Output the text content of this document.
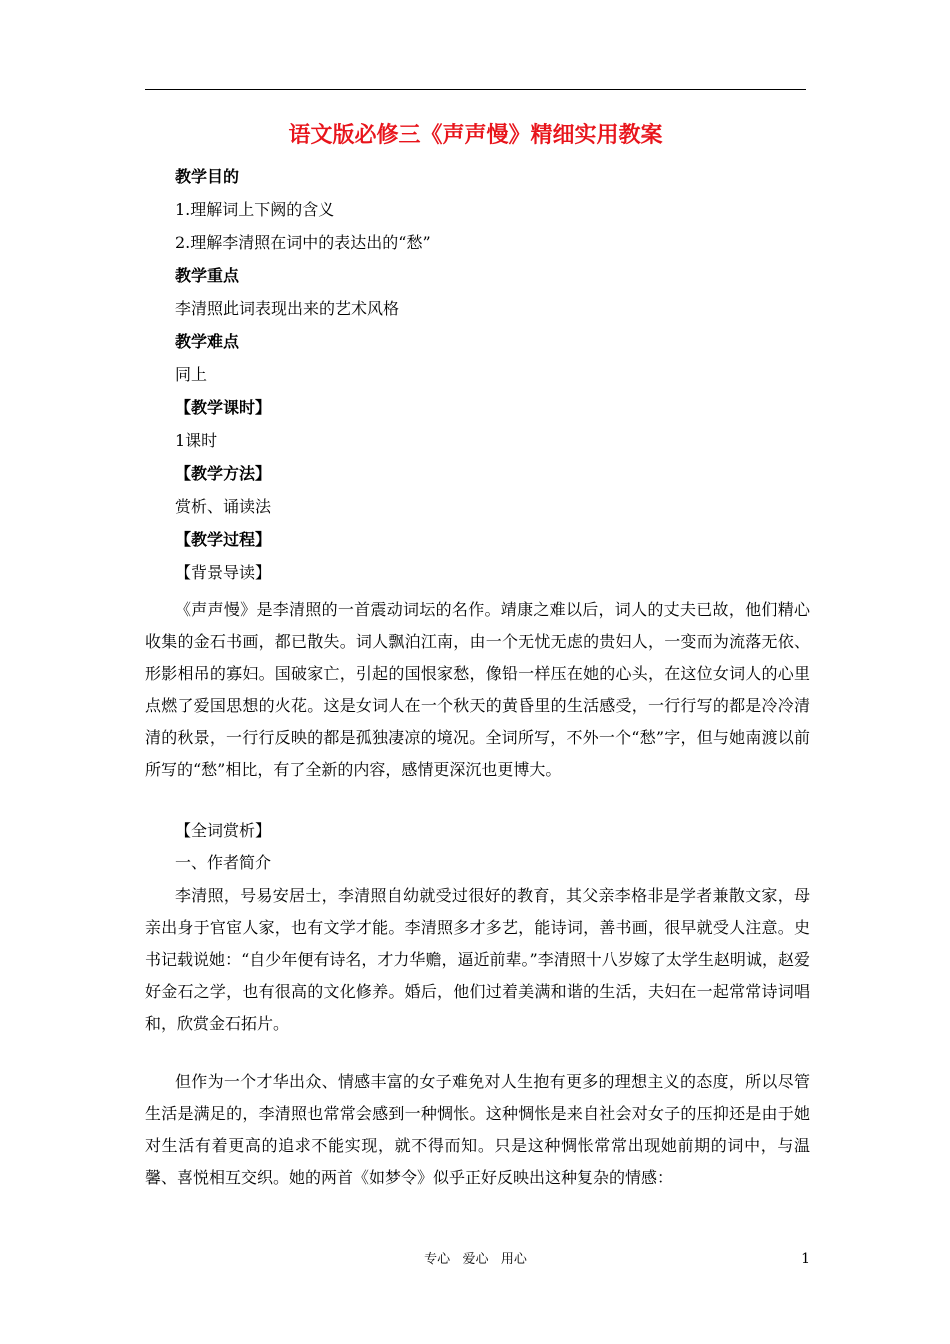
语文版必修三《声声慢》精细实用教案
教学目的
1.理解词上下阙的含义
2.理解李清照在词中的表达出的“愁”
教学重点
李清照此词表现出来的艺术风格
教学难点
同上
【教学课时】
1课时
【教学方法】
赏析、诵读法
【教学过程】
【背景导读】
《声声慢》是李清照的一首震动词坛的名作。靖康之难以后，词人的丈夫已故，他们精心收集的金石书画，都已散失。词人飘泊江南，由一个无忧无虑的贵妇人，一变而为流落无依、形影相吊的寡妇。国破家亡，引起的国恨家愁，像铅一样压在她的心头，在这位女词人的心里点燃了爱国思想的火花。这是女词人在一个秋天的黄昏里的生活感受，一行行写的都是冷冷清清的秋景，一行行反映的都是孤独凄凉的境况。全词所写，不外一个“愁”字，但与她南渡以前所写的“愁”相比，有了全新的内容，感情更深沉也更博大。
【全词赏析】
一、作者简介
李清照，号易安居士，李清照自幼就受过很好的教育，其父亲李格非是学者兼散文家，母亲出身于官宦人家，也有文学才能。李清照多才多艺，能诗词，善书画，很早就受人注意。史书记载说她：“自少年便有诗名，才力华赡，逼近前辈。”李清照十八岁嫁了太学生赵明诚，赵爱好金石之学，也有很高的文化修养。婚后，他们过着美满和谐的生活，夫妇在一起常常诗词唱和，欣赏金石拓片。
但作为一个才华出众、情感丰富的女子难免对人生抱有更多的理想主义的态度，所以尽管生活是满足的，李清照也常常会感到一种惆怅。这种惆怅是来自社会对女子的压抑还是由于她对生活有着更高的追求不能实现，就不得而知。只是这种惆怅常常出现她前期的词中，与温馨、喜悦相互交织。她的两首《如梦令》似乎正好反映出这种复杂的情感：
专心   爱心   用心	1
